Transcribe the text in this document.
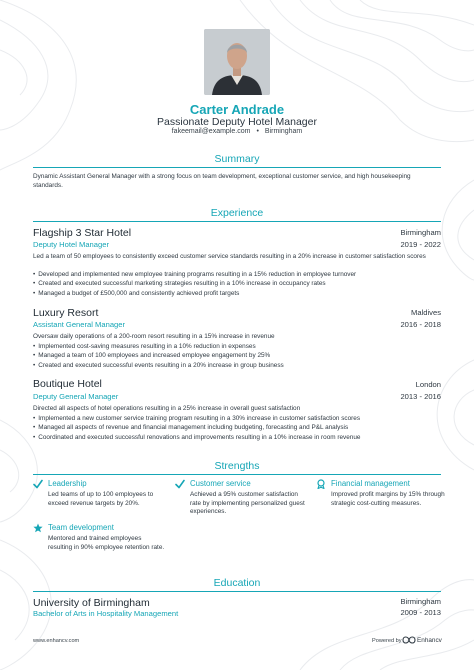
Carter Andrade
Passionate Deputy Hotel Manager
fakeemail@example.com • Birmingham
Summary
Dynamic Assistant General Manager with a strong focus on team development, exceptional customer service, and high housekeeping standards.
Experience
Flagship 3 Star Hotel	Birmingham
Deputy Hotel Manager	2019 - 2022
Led a team of 50 employees to consistently exceed customer service standards resulting in a 20% increase in customer satisfaction scores
• Developed and implemented new employee training programs resulting in a 15% reduction in employee turnover
• Created and executed successful marketing strategies resulting in a 10% increase in occupancy rates
• Managed a budget of £500,000 and consistently achieved profit targets
Luxury Resort	Maldives
Assistant General Manager	2016 - 2018
Oversaw daily operations of a 200-room resort resulting in a 15% increase in revenue
• Implemented cost-saving measures resulting in a 10% reduction in expenses
• Managed a team of 100 employees and increased employee engagement by 25%
• Created and executed successful events resulting in a 20% increase in group business
Boutique Hotel	London
Deputy General Manager	2013 - 2016
Directed all aspects of hotel operations resulting in a 25% increase in overall guest satisfaction
• Implemented a new customer service training program resulting in a 30% increase in customer satisfaction scores
• Managed all aspects of revenue and financial management including budgeting, forecasting and P&L analysis
• Coordinated and executed successful renovations and improvements resulting in a 10% increase in room revenue
Strengths
Leadership
Led teams of up to 100 employees to exceed revenue targets by 20%.
Customer service
Achieved a 95% customer satisfaction rate by implementing personalized guest experiences.
Financial management
Improved profit margins by 15% through strategic cost-cutting measures.
Team development
Mentored and trained employees resulting in 90% employee retention rate.
Education
University of Birmingham	Birmingham
Bachelor of Arts in Hospitality Management	2009 - 2013
www.enhancv.com	Powered by Enhancv
